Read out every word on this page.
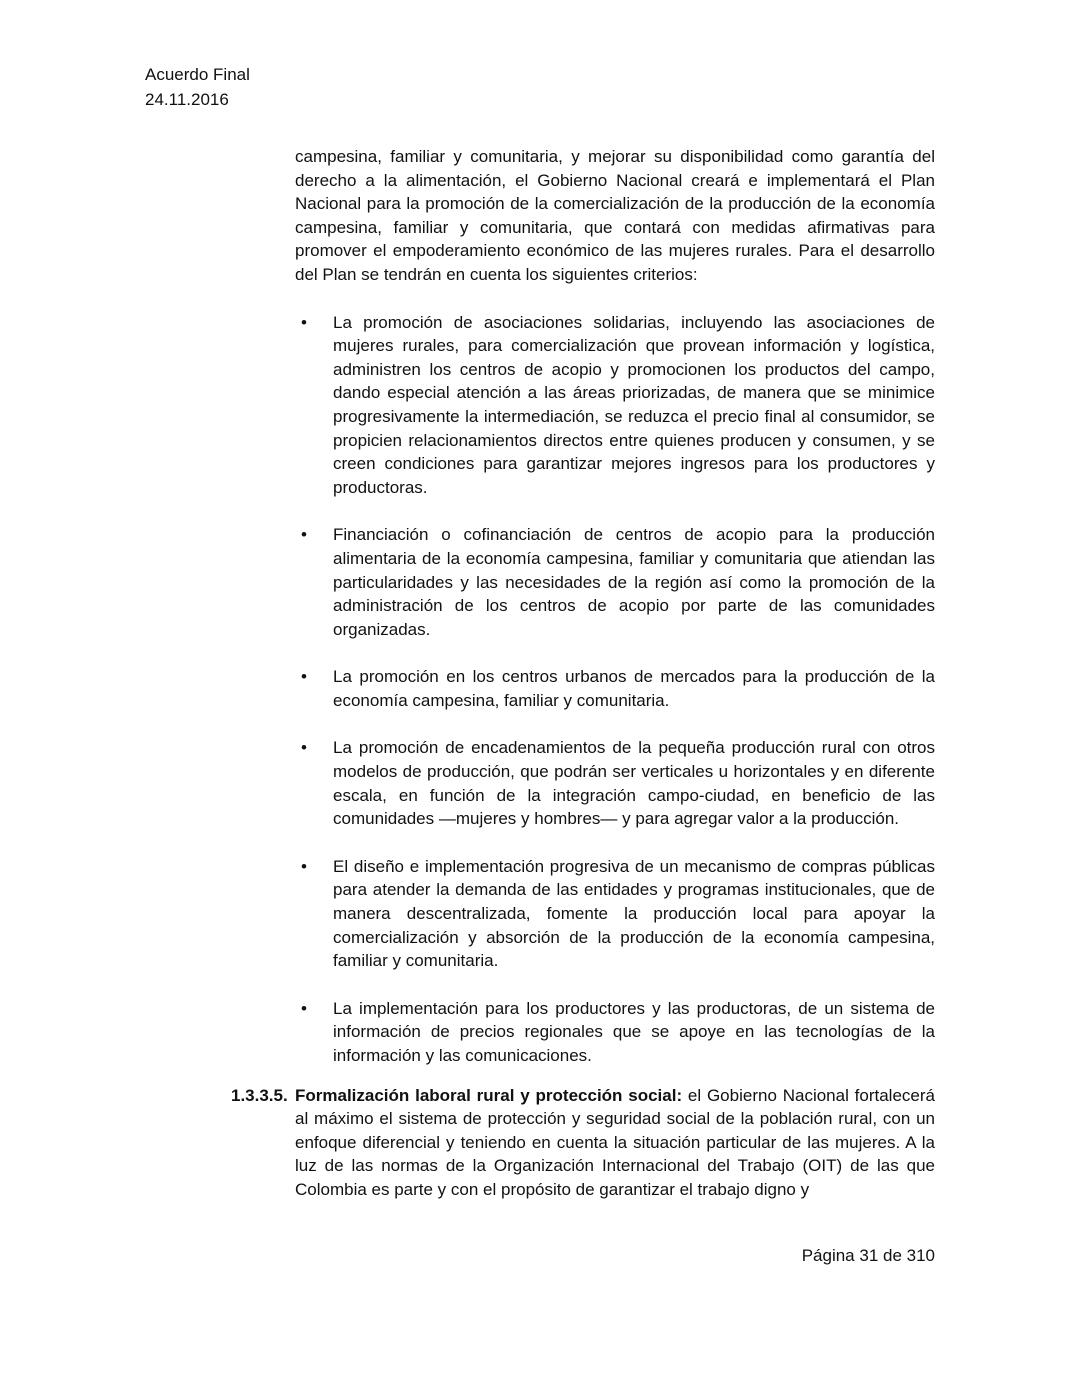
Acuerdo Final
24.11.2016

campesina, familiar y comunitaria, y mejorar su disponibilidad como garantía del derecho a la alimentación, el Gobierno Nacional creará e implementará el Plan Nacional para la promoción de la comercialización de la producción de la economía campesina, familiar y comunitaria, que contará con medidas afirmativas para promover el empoderamiento económico de las mujeres rurales. Para el desarrollo del Plan se tendrán en cuenta los siguientes criterios:

• La promoción de asociaciones solidarias, incluyendo las asociaciones de mujeres rurales, para comercialización que provean información y logística, administren los centros de acopio y promocionen los productos del campo, dando especial atención a las áreas priorizadas, de manera que se minimice progresivamente la intermediación, se reduzca el precio final al consumidor, se propicien relacionamientos directos entre quienes producen y consumen, y se creen condiciones para garantizar mejores ingresos para los productores y productoras.
• Financiación o cofinanciación de centros de acopio para la producción alimentaria de la economía campesina, familiar y comunitaria que atiendan las particularidades y las necesidades de la región así como la promoción de la administración de los centros de acopio por parte de las comunidades organizadas.
• La promoción en los centros urbanos de mercados para la producción de la economía campesina, familiar y comunitaria.
• La promoción de encadenamientos de la pequeña producción rural con otros modelos de producción, que podrán ser verticales u horizontales y en diferente escala, en función de la integración campo-ciudad, en beneficio de las comunidades —mujeres y hombres— y para agregar valor a la producción.
• El diseño e implementación progresiva de un mecanismo de compras públicas para atender la demanda de las entidades y programas institucionales, que de manera descentralizada, fomente la producción local para apoyar la comercialización y absorción de la producción de la economía campesina, familiar y comunitaria.
• La implementación para los productores y las productoras, de un sistema de información de precios regionales que se apoye en las tecnologías de la información y las comunicaciones.
1.3.3.5. Formalización laboral rural y protección social: el Gobierno Nacional fortalecerá al máximo el sistema de protección y seguridad social de la población rural, con un enfoque diferencial y teniendo en cuenta la situación particular de las mujeres. A la luz de las normas de la Organización Internacional del Trabajo (OIT) de las que Colombia es parte y con el propósito de garantizar el trabajo digno y
Página 31 de 310
